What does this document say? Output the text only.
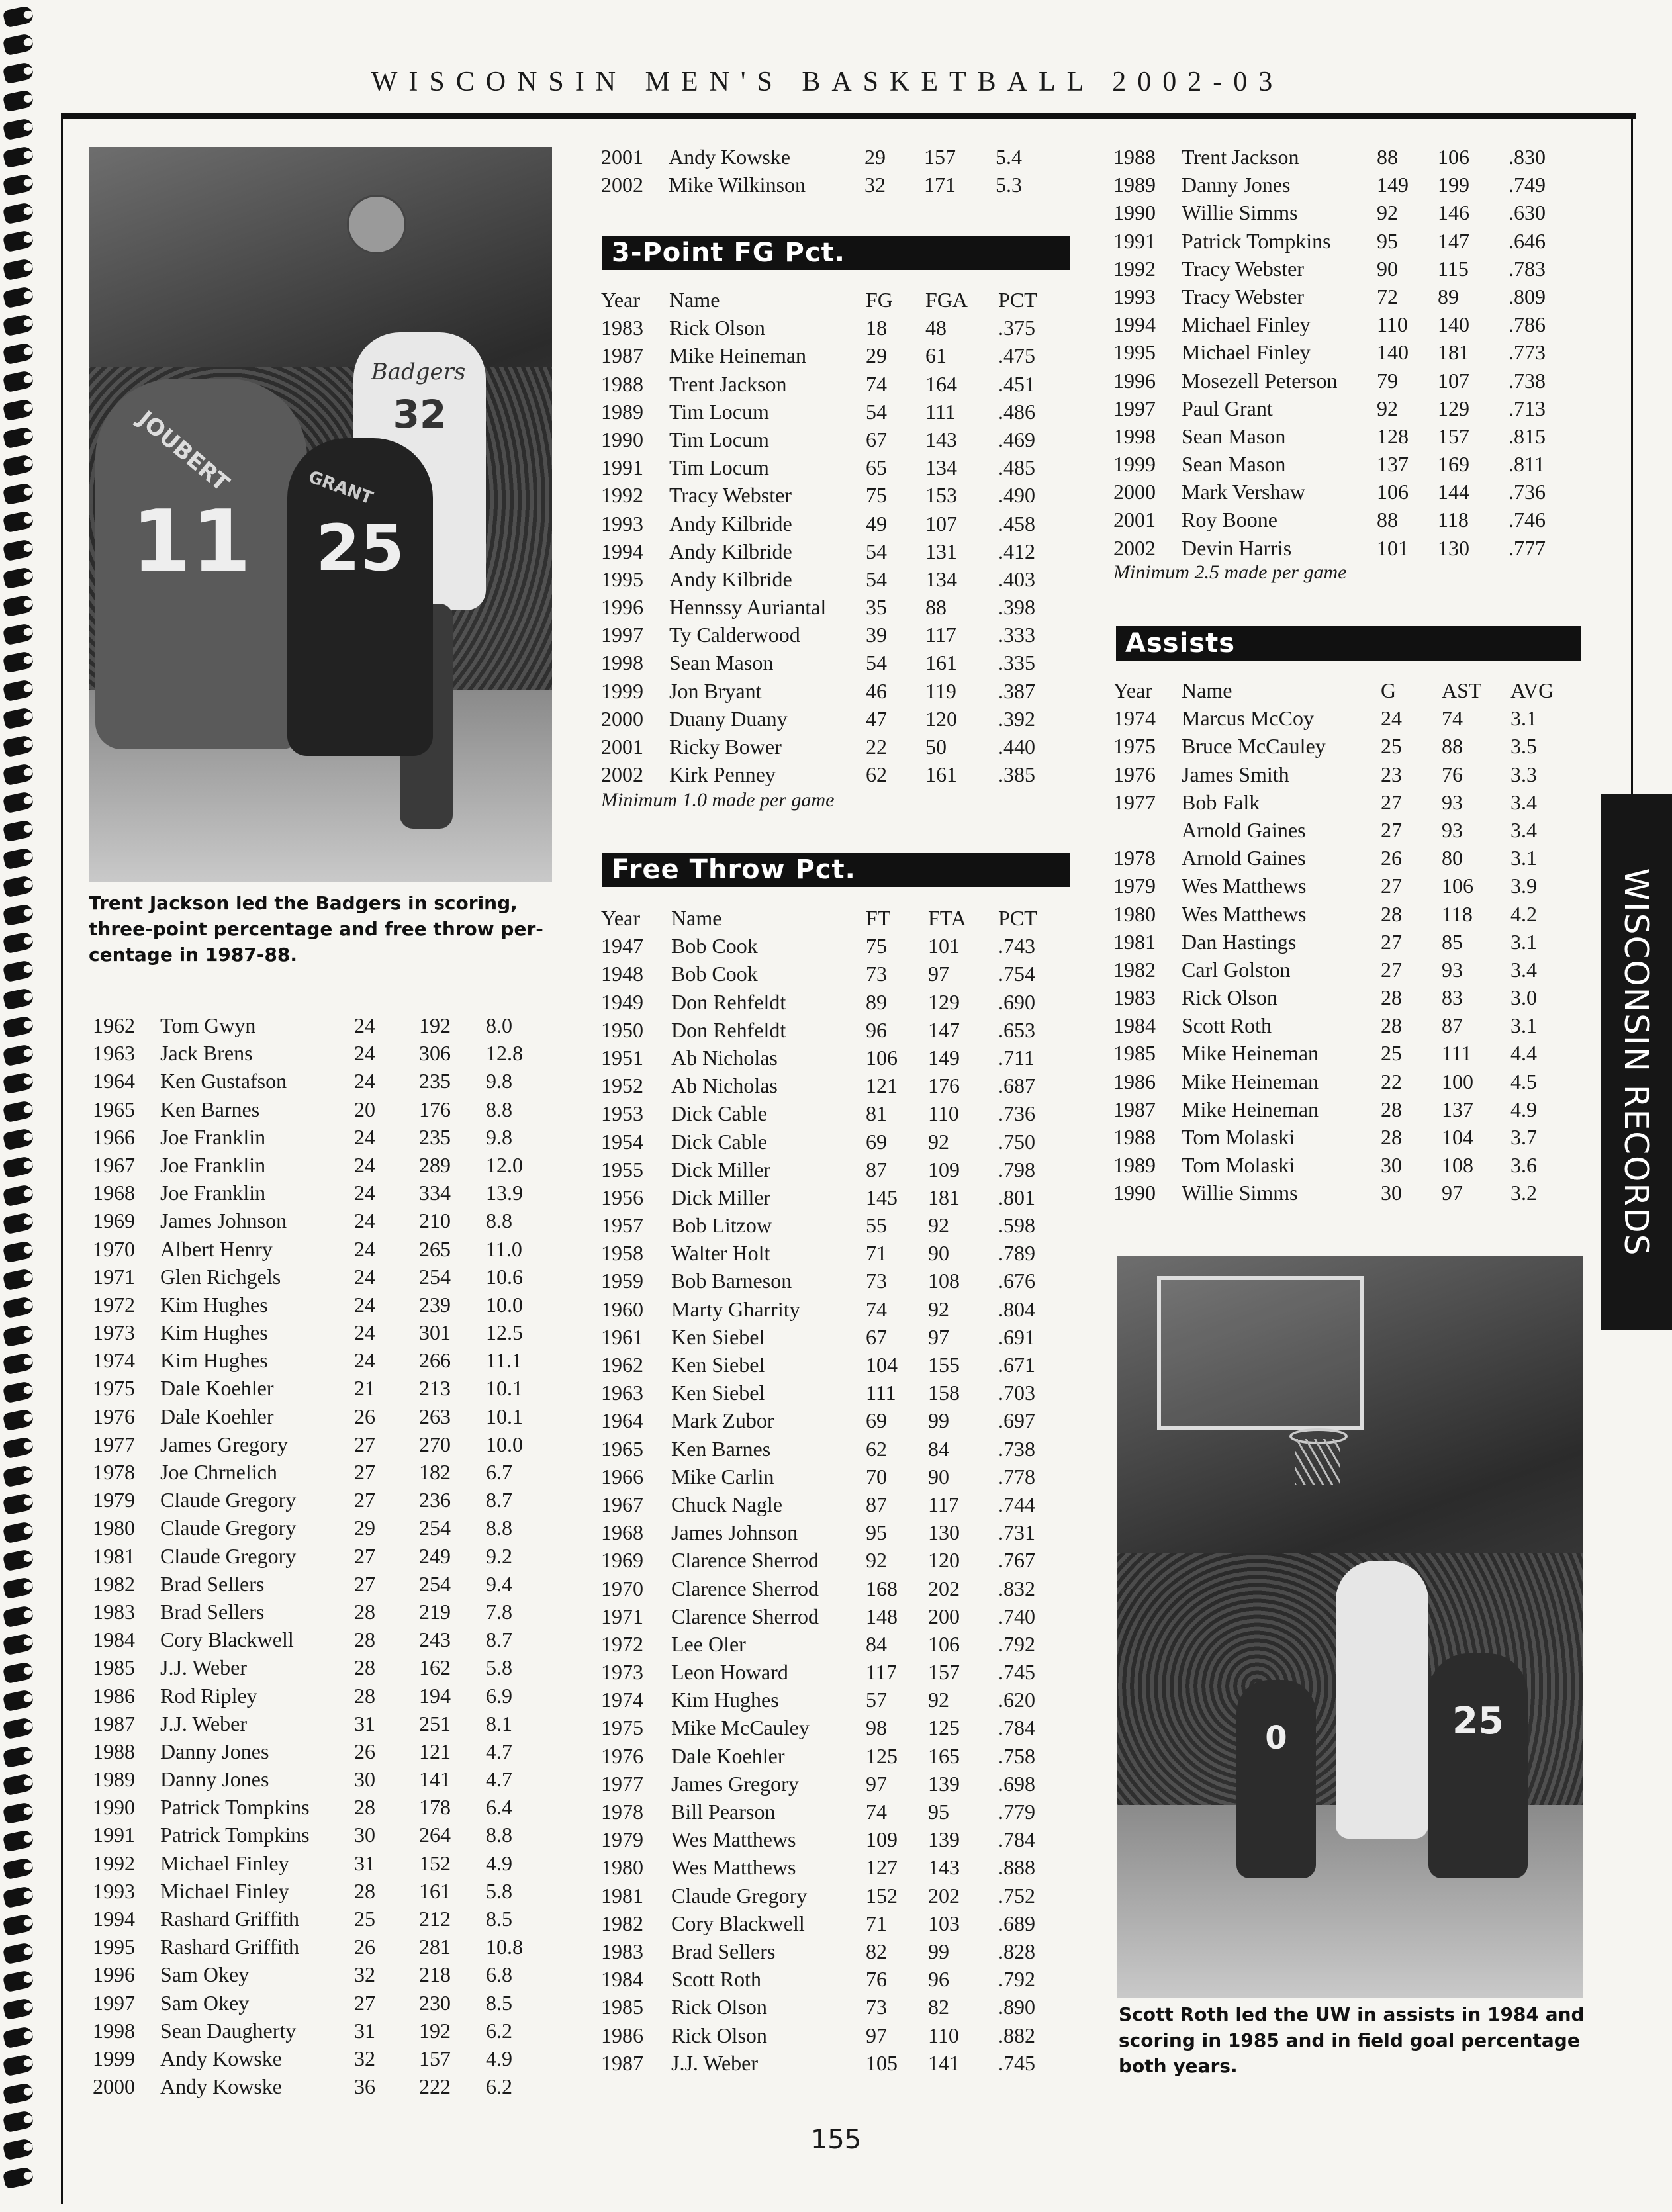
WISCONSIN MEN'S BASKETBALL 2002-03
Badgers
32
JOUBERT
11
GRANT
25
Trent Jackson led the Badgers in scoring,
three-point percentage and free throw per-
centage in 1987-88.
1962 Tom Gwyn	24 192 8.0
1963 Jack Brens	24 306 12.8
1964 Ken Gustafson	24 235 9.8
1965 Ken Barnes	20 176 8.8
1966 Joe Franklin	24 235 9.8
1967 Joe Franklin	24 289 12.0
1968 Joe Franklin	24 334 13.9
1969 James Johnson	24 210 8.8
1970 Albert Henry	24 265 11.0
1971 Glen Richgels	24 254 10.6
1972 Kim Hughes	24 239 10.0
1973 Kim Hughes	24 301 12.5
1974 Kim Hughes	24 266 11.1
1975 Dale Koehler	21 213 10.1
1976 Dale Koehler	26 263 10.1
1977 James Gregory	27 270 10.0
1978 Joe Chrnelich	27 182 6.7
1979 Claude Gregory	27 236 8.7
1980 Claude Gregory	29 254 8.8
1981 Claude Gregory	27 249 9.2
1982 Brad Sellers	27 254 9.4
1983 Brad Sellers	28 219 7.8
1984 Cory Blackwell	28 243 8.7
1985 J.J. Weber	28 162 5.8
1986 Rod Ripley	28 194 6.9
1987 J.J. Weber	31 251 8.1
1988 Danny Jones	26 121 4.7
1989 Danny Jones	30 141 4.7
1990 Patrick Tompkins 28 178 6.4
1991 Patrick Tompkins 30 264 8.8
1992 Michael Finley	31 152 4.9
1993 Michael Finley	28 161 5.8
1994 Rashard Griffith	25 212 8.5
1995 Rashard Griffith	26 281 10.8
1996 Sam Okey	32 218 6.8
1997 Sam Okey	27 230 8.5
1998 Sean Daugherty	31 192 6.2
1999 Andy Kowske	32 157 4.9
2000 Andy Kowske	36 222 6.2
2001 Andy Kowske	29 157 5.4
2002 Mike Wilkinson	32 171 5.3
3-Point FG Pct.
Year Name	FG FGA PCT
1983 Rick Olson	18 48 .375
1987 Mike Heineman	29 61 .475
1988 Trent Jackson	74 164 .451
1989 Tim Locum	54 111 .486
1990 Tim Locum	67 143 .469
1991 Tim Locum	65 134 .485
1992 Tracy Webster	75 153 .490
1993 Andy Kilbride	49 107 .458
1994 Andy Kilbride	54 131 .412
1995 Andy Kilbride	54 134 .403
1996 Hennssy Auriantal 35 88 .398
1997 Ty Calderwood	39 117 .333
1998 Sean Mason	54 161 .335
1999 Jon Bryant	46 119 .387
2000 Duany Duany	47 120 .392
2001 Ricky Bower	22 50 .440
2002 Kirk Penney	62 161 .385
Minimum 1.0 made per game
Free Throw Pct.
Year Name	FT FTA PCT
1947 Bob Cook	75 101 .743
1948 Bob Cook	73 97 .754
1949 Don Rehfeldt	89 129 .690
1950 Don Rehfeldt	96 147 .653
1951 Ab Nicholas	106 149 .711
1952 Ab Nicholas	121 176 .687
1953 Dick Cable	81 110 .736
1954 Dick Cable	69 92 .750
1955 Dick Miller	87 109 .798
1956 Dick Miller	145 181 .801
1957 Bob Litzow	55 92 .598
1958 Walter Holt	71 90 .789
1959 Bob Barneson	73 108 .676
1960 Marty Gharrity	74 92 .804
1961 Ken Siebel	67 97 .691
1962 Ken Siebel	104 155 .671
1963 Ken Siebel	111 158 .703
1964 Mark Zubor	69 99 .697
1965 Ken Barnes	62 84 .738
1966 Mike Carlin	70 90 .778
1967 Chuck Nagle	87 117 .744
1968 James Johnson	95 130 .731
1969 Clarence Sherrod 92 120 .767
1970 Clarence Sherrod 168 202 .832
1971 Clarence Sherrod 148 200 .740
1972 Lee Oler	84 106 .792
1973 Leon Howard	117 157 .745
1974 Kim Hughes	57 92 .620
1975 Mike McCauley	98 125 .784
1976 Dale Koehler	125 165 .758
1977 James Gregory	97 139 .698
1978 Bill Pearson	74 95 .779
1979 Wes Matthews	109 139 .784
1980 Wes Matthews	127 143 .888
1981 Claude Gregory	152 202 .752
1982 Cory Blackwell	71 103 .689
1983 Brad Sellers	82 99 .828
1984 Scott Roth	76 96 .792
1985 Rick Olson	73 82 .890
1986 Rick Olson	97 110 .882
1987 J.J. Weber	105 141 .745
1988 Trent Jackson	88 106 .830
1989 Danny Jones	149 199 .749
1990 Willie Simms	92 146 .630
1991 Patrick Tompkins 95 147 .646
1992 Tracy Webster	90 115 .783
1993 Tracy Webster	72 89 .809
1994 Michael Finley	110 140 .786
1995 Michael Finley	140 181 .773
1996 Mosezell Peterson 79 107 .738
1997 Paul Grant	92 129 .713
1998 Sean Mason	128 157 .815
1999 Sean Mason	137 169 .811
2000 Mark Vershaw	106 144 .736
2001 Roy Boone	88 118 .746
2002 Devin Harris	101 130 .777
Minimum 2.5 made per game
Assists
Year Name	G AST AVG
1974 Marcus McCoy	24 74 3.1
1975 Bruce McCauley	25 88 3.5
1976 James Smith	23 76 3.3
1977 Bob Falk	27 93 3.4
Arnold Gaines	27 93 3.4
1978 Arnold Gaines	26 80 3.1
1979 Wes Matthews	27 106 3.9
1980 Wes Matthews	28 118 4.2
1981 Dan Hastings	27 85 3.1
1982 Carl Golston	27 93 3.4
1983 Rick Olson	28 83 3.0
1984 Scott Roth	28 87 3.1
1985 Mike Heineman	25 111 4.4
1986 Mike Heineman	22 100 4.5
1987 Mike Heineman	28 137 4.9
1988 Tom Molaski	28 104 3.7
1989 Tom Molaski	30 108 3.6
1990 Willie Simms	30 97 3.2
0	25
Scott Roth led the UW in assists in 1984 and
scoring in 1985 and in field goal percentage
both years.
WISCONSIN RECORDS
155
